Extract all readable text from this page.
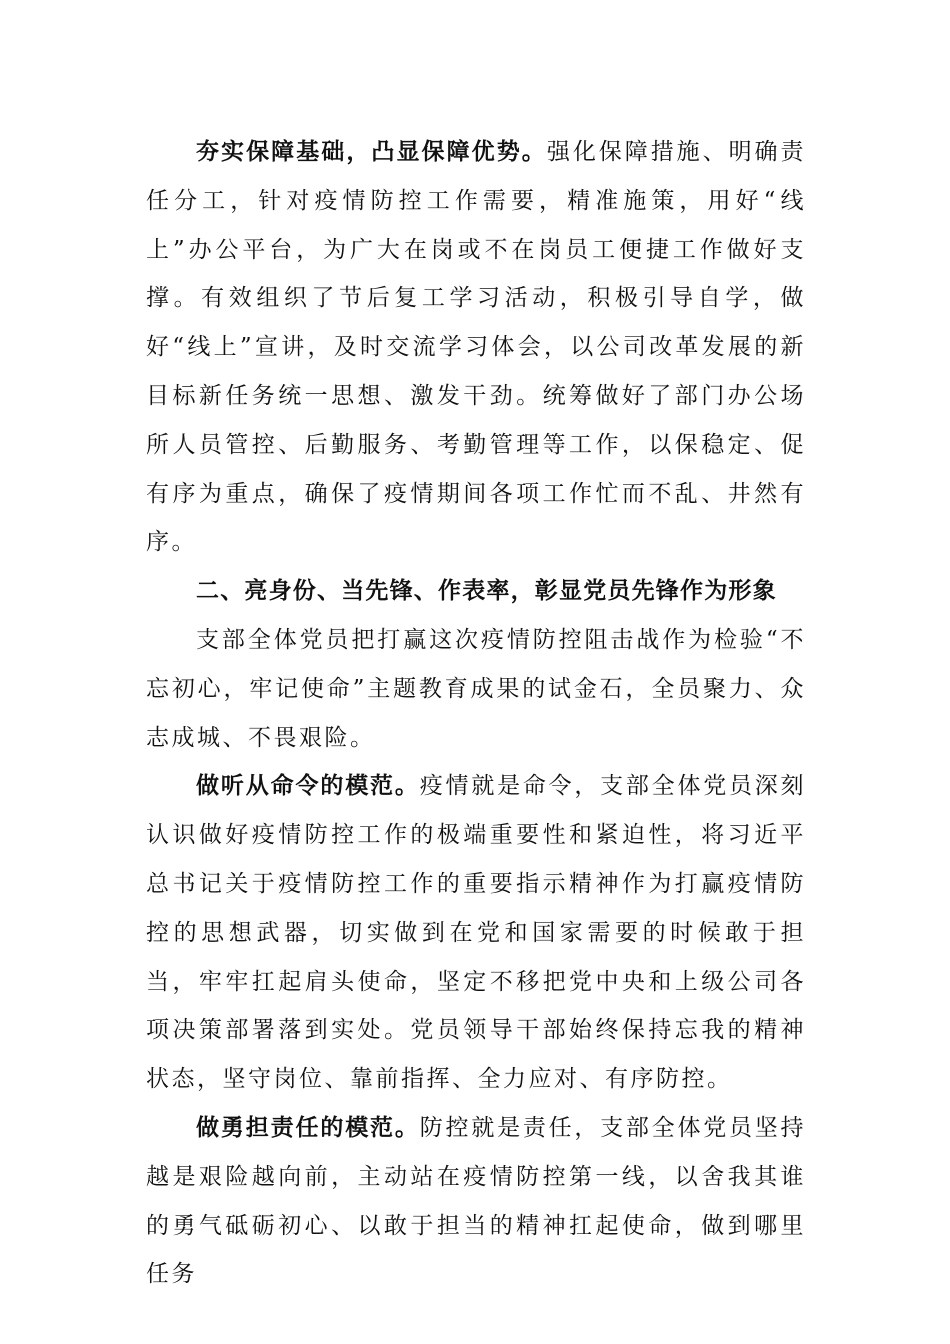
夯实保障基础，凸显保障优势。强化保障措施、明确责任分工，针对疫情防控工作需要，精准施策，用好“线上”办公平台，为广大在岗或不在岗员工便捷工作做好支撑。有效组织了节后复工学习活动，积极引导自学，做好“线上”宣讲，及时交流学习体会，以公司改革发展的新目标新任务统一思想、激发干劲。统筹做好了部门办公场所人员管控、后勤服务、考勤管理等工作，以保稳定、促有序为重点，确保了疫情期间各项工作忙而不乱、井然有序。

二、亮身份、当先锋、作表率，彰显党员先锋作为形象

支部全体党员把打赢这次疫情防控阻击战作为检验“不忘初心，牢记使命”主题教育成果的试金石，全员聚力、众志成城、不畏艰险。

做听从命令的模范。疫情就是命令，支部全体党员深刻认识做好疫情防控工作的极端重要性和紧迫性，将习近平总书记关于疫情防控工作的重要指示精神作为打赢疫情防控的思想武器，切实做到在党和国家需要的时候敢于担当，牢牢扛起肩头使命，坚定不移把党中央和上级公司各项决策部署落到实处。党员领导干部始终保持忘我的精神状态，坚守岗位、靠前指挥、全力应对、有序防控。

做勇担责任的模范。防控就是责任，支部全体党员坚持越是艰险越向前，主动站在疫情防控第一线，以舍我其谁的勇气砥砺初心、以敢于担当的精神扛起使命，做到哪里任务
